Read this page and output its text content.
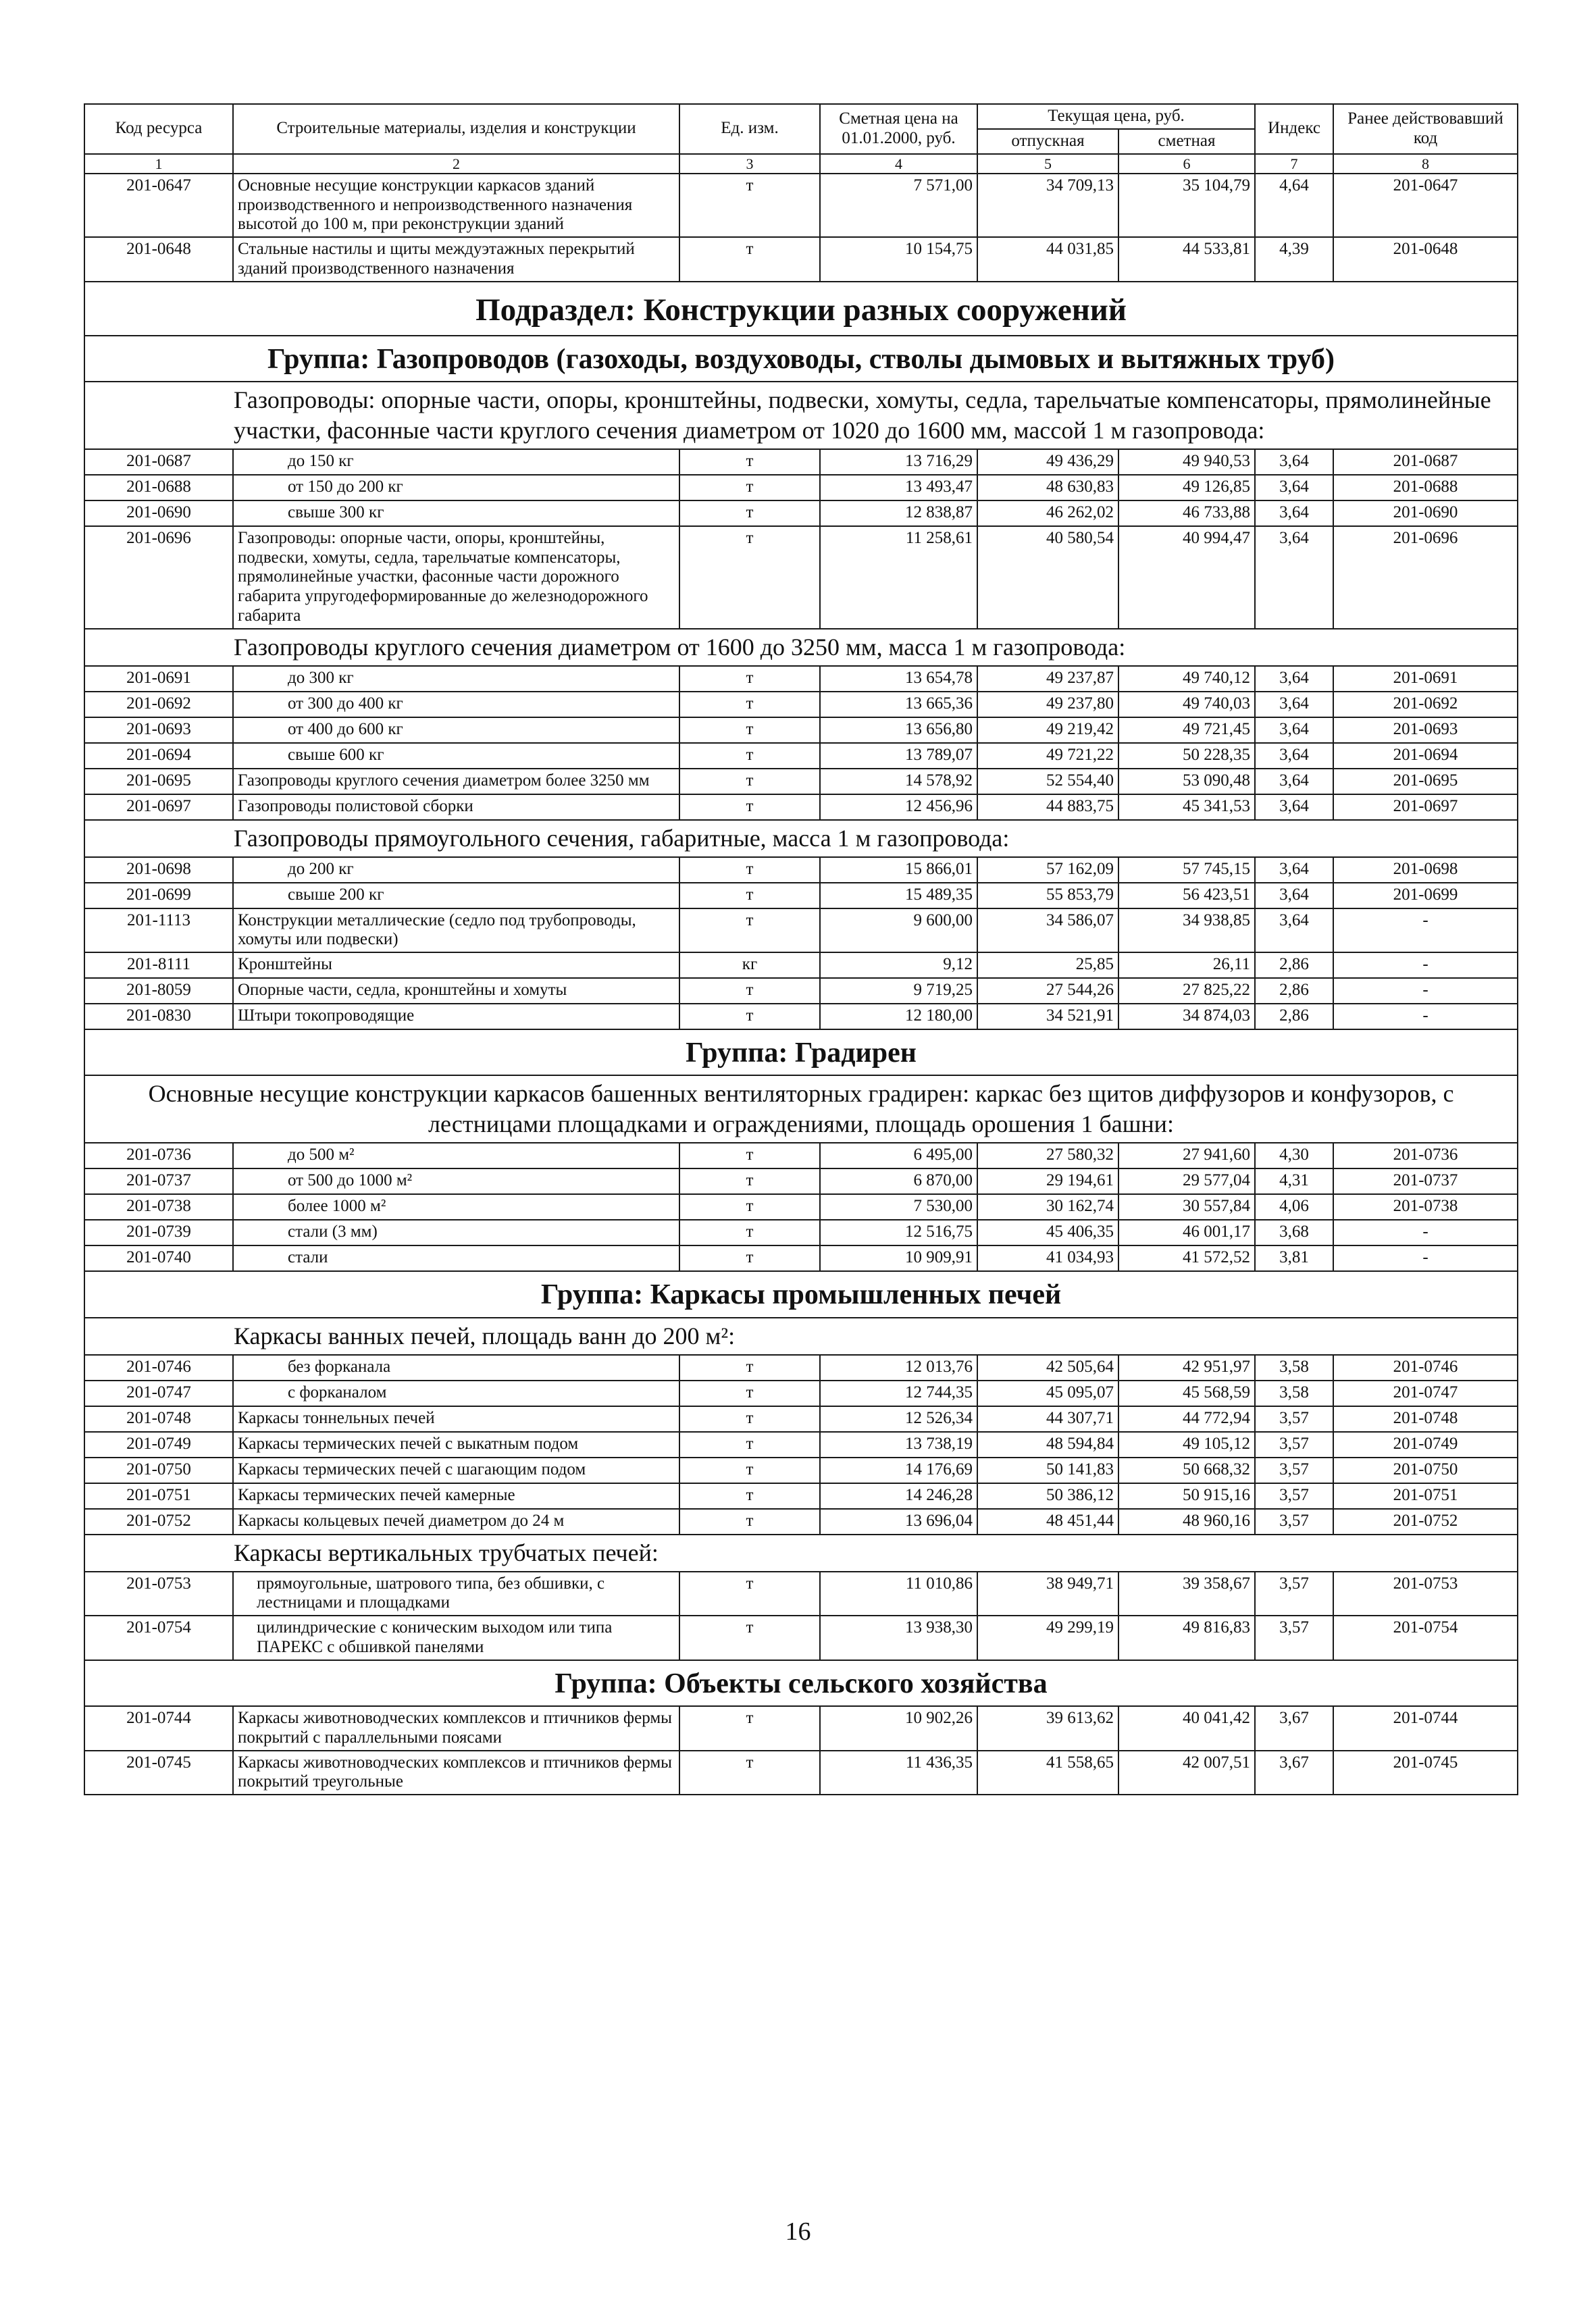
Код ресурса	Строительные материалы, изделия и конструкции	Ед. изм.	Сметная цена на 01.01.2000, руб.	Текущая цена, руб.		Индекс	Ранее действовавший код
				отпускная	сметная		
1	2	3	4	5	6	7	8
201-0647	Основные несущие конструкции каркасов зданий производственного и непроизводственного назначения высотой до 100 м, при реконструкции зданий	т	7 571,00	34 709,13	35 104,79	4,64	201-0647
201-0648	Стальные настилы и щиты междуэтажных перекрытий зданий производственного назначения	т	10 154,75	44 031,85	44 533,81	4,39	201-0648
Подраздел: Конструкции разных сооружений							
Группа: Газопроводов (газоходы, воздуховоды, стволы дымовых и вытяжных труб)							
Газопроводы: опорные части, опоры, кронштейны, подвески, хомуты, седла, тарельчатые компенсаторы, прямолинейные участки, фасонные части круглого сечения диаметром от 1020 до 1600 мм, массой 1 м газопровода:							
201-0687	до 150 кг	т	13 716,29	49 436,29	49 940,53	3,64	201-0687
201-0688	от 150 до 200 кг	т	13 493,47	48 630,83	49 126,85	3,64	201-0688
201-0690	свыше 300 кг	т	12 838,87	46 262,02	46 733,88	3,64	201-0690
201-0696	Газопроводы: опорные части, опоры, кронштейны, подвески, хомуты, седла, тарельчатые компенсаторы, прямолинейные участки, фасонные части дорожного габарита упругодеформированные до железнодорожного габарита	т	11 258,61	40 580,54	40 994,47	3,64	201-0696
Газопроводы круглого сечения диаметром от 1600 до 3250 мм, масса 1 м газопровода:							
201-0691	до 300 кг	т	13 654,78	49 237,87	49 740,12	3,64	201-0691
201-0692	от 300 до 400 кг	т	13 665,36	49 237,80	49 740,03	3,64	201-0692
201-0693	от 400 до 600 кг	т	13 656,80	49 219,42	49 721,45	3,64	201-0693
201-0694	свыше 600 кг	т	13 789,07	49 721,22	50 228,35	3,64	201-0694
201-0695	Газопроводы круглого сечения диаметром более 3250 мм	т	14 578,92	52 554,40	53 090,48	3,64	201-0695
201-0697	Газопроводы полистовой сборки	т	12 456,96	44 883,75	45 341,53	3,64	201-0697
Газопроводы прямоугольного сечения, габаритные, масса 1 м газопровода:							
201-0698	до 200 кг	т	15 866,01	57 162,09	57 745,15	3,64	201-0698
201-0699	свыше 200 кг	т	15 489,35	55 853,79	56 423,51	3,64	201-0699
201-1113	Конструкции металлические (седло под трубопроводы, хомуты или подвески)	т	9 600,00	34 586,07	34 938,85	3,64	-
201-8111	Кронштейны	кг	9,12	25,85	26,11	2,86	-
201-8059	Опорные части, седла, кронштейны и хомуты	т	9 719,25	27 544,26	27 825,22	2,86	-
201-0830	Штыри токопроводящие	т	12 180,00	34 521,91	34 874,03	2,86	-
Группа: Градирен							
Основные несущие конструкции каркасов башенных вентиляторных градирен: каркас без щитов диффузоров и конфузоров, с лестницами площадками и ограждениями, площадь орошения 1 башни:							
201-0736	до 500 м²	т	6 495,00	27 580,32	27 941,60	4,30	201-0736
201-0737	от 500 до 1000 м²	т	6 870,00	29 194,61	29 577,04	4,31	201-0737
201-0738	более 1000 м²	т	7 530,00	30 162,74	30 557,84	4,06	201-0738
201-0739	стали (3 мм)	т	12 516,75	45 406,35	46 001,17	3,68	-
201-0740	стали	т	10 909,91	41 034,93	41 572,52	3,81	-
Группа: Каркасы промышленных печей							
Каркасы ванных печей, площадь ванн до 200 м²:							
201-0746	без форканала	т	12 013,76	42 505,64	42 951,97	3,58	201-0746
201-0747	с форканалом	т	12 744,35	45 095,07	45 568,59	3,58	201-0747
201-0748	Каркасы тоннельных печей	т	12 526,34	44 307,71	44 772,94	3,57	201-0748
201-0749	Каркасы термических печей с выкатным подом	т	13 738,19	48 594,84	49 105,12	3,57	201-0749
201-0750	Каркасы термических печей с шагающим подом	т	14 176,69	50 141,83	50 668,32	3,57	201-0750
201-0751	Каркасы термических печей камерные	т	14 246,28	50 386,12	50 915,16	3,57	201-0751
201-0752	Каркасы кольцевых печей диаметром до 24 м	т	13 696,04	48 451,44	48 960,16	3,57	201-0752
Каркасы вертикальных трубчатых печей:							
201-0753	прямоугольные, шатрового типа, без обшивки, с лестницами и площадками	т	11 010,86	38 949,71	39 358,67	3,57	201-0753
201-0754	цилиндрические с коническим выходом или типа ПАРЕКС с обшивкой панелями	т	13 938,30	49 299,19	49 816,83	3,57	201-0754
Группа: Объекты сельского хозяйства							
201-0744	Каркасы животноводческих комплексов и птичников фермы покрытий с параллельными поясами	т	10 902,26	39 613,62	40 041,42	3,67	201-0744
201-0745	Каркасы животноводческих комплексов и птичников фермы покрытий треугольные	т	11 436,35	41 558,65	42 007,51	3,67	201-0745
16
